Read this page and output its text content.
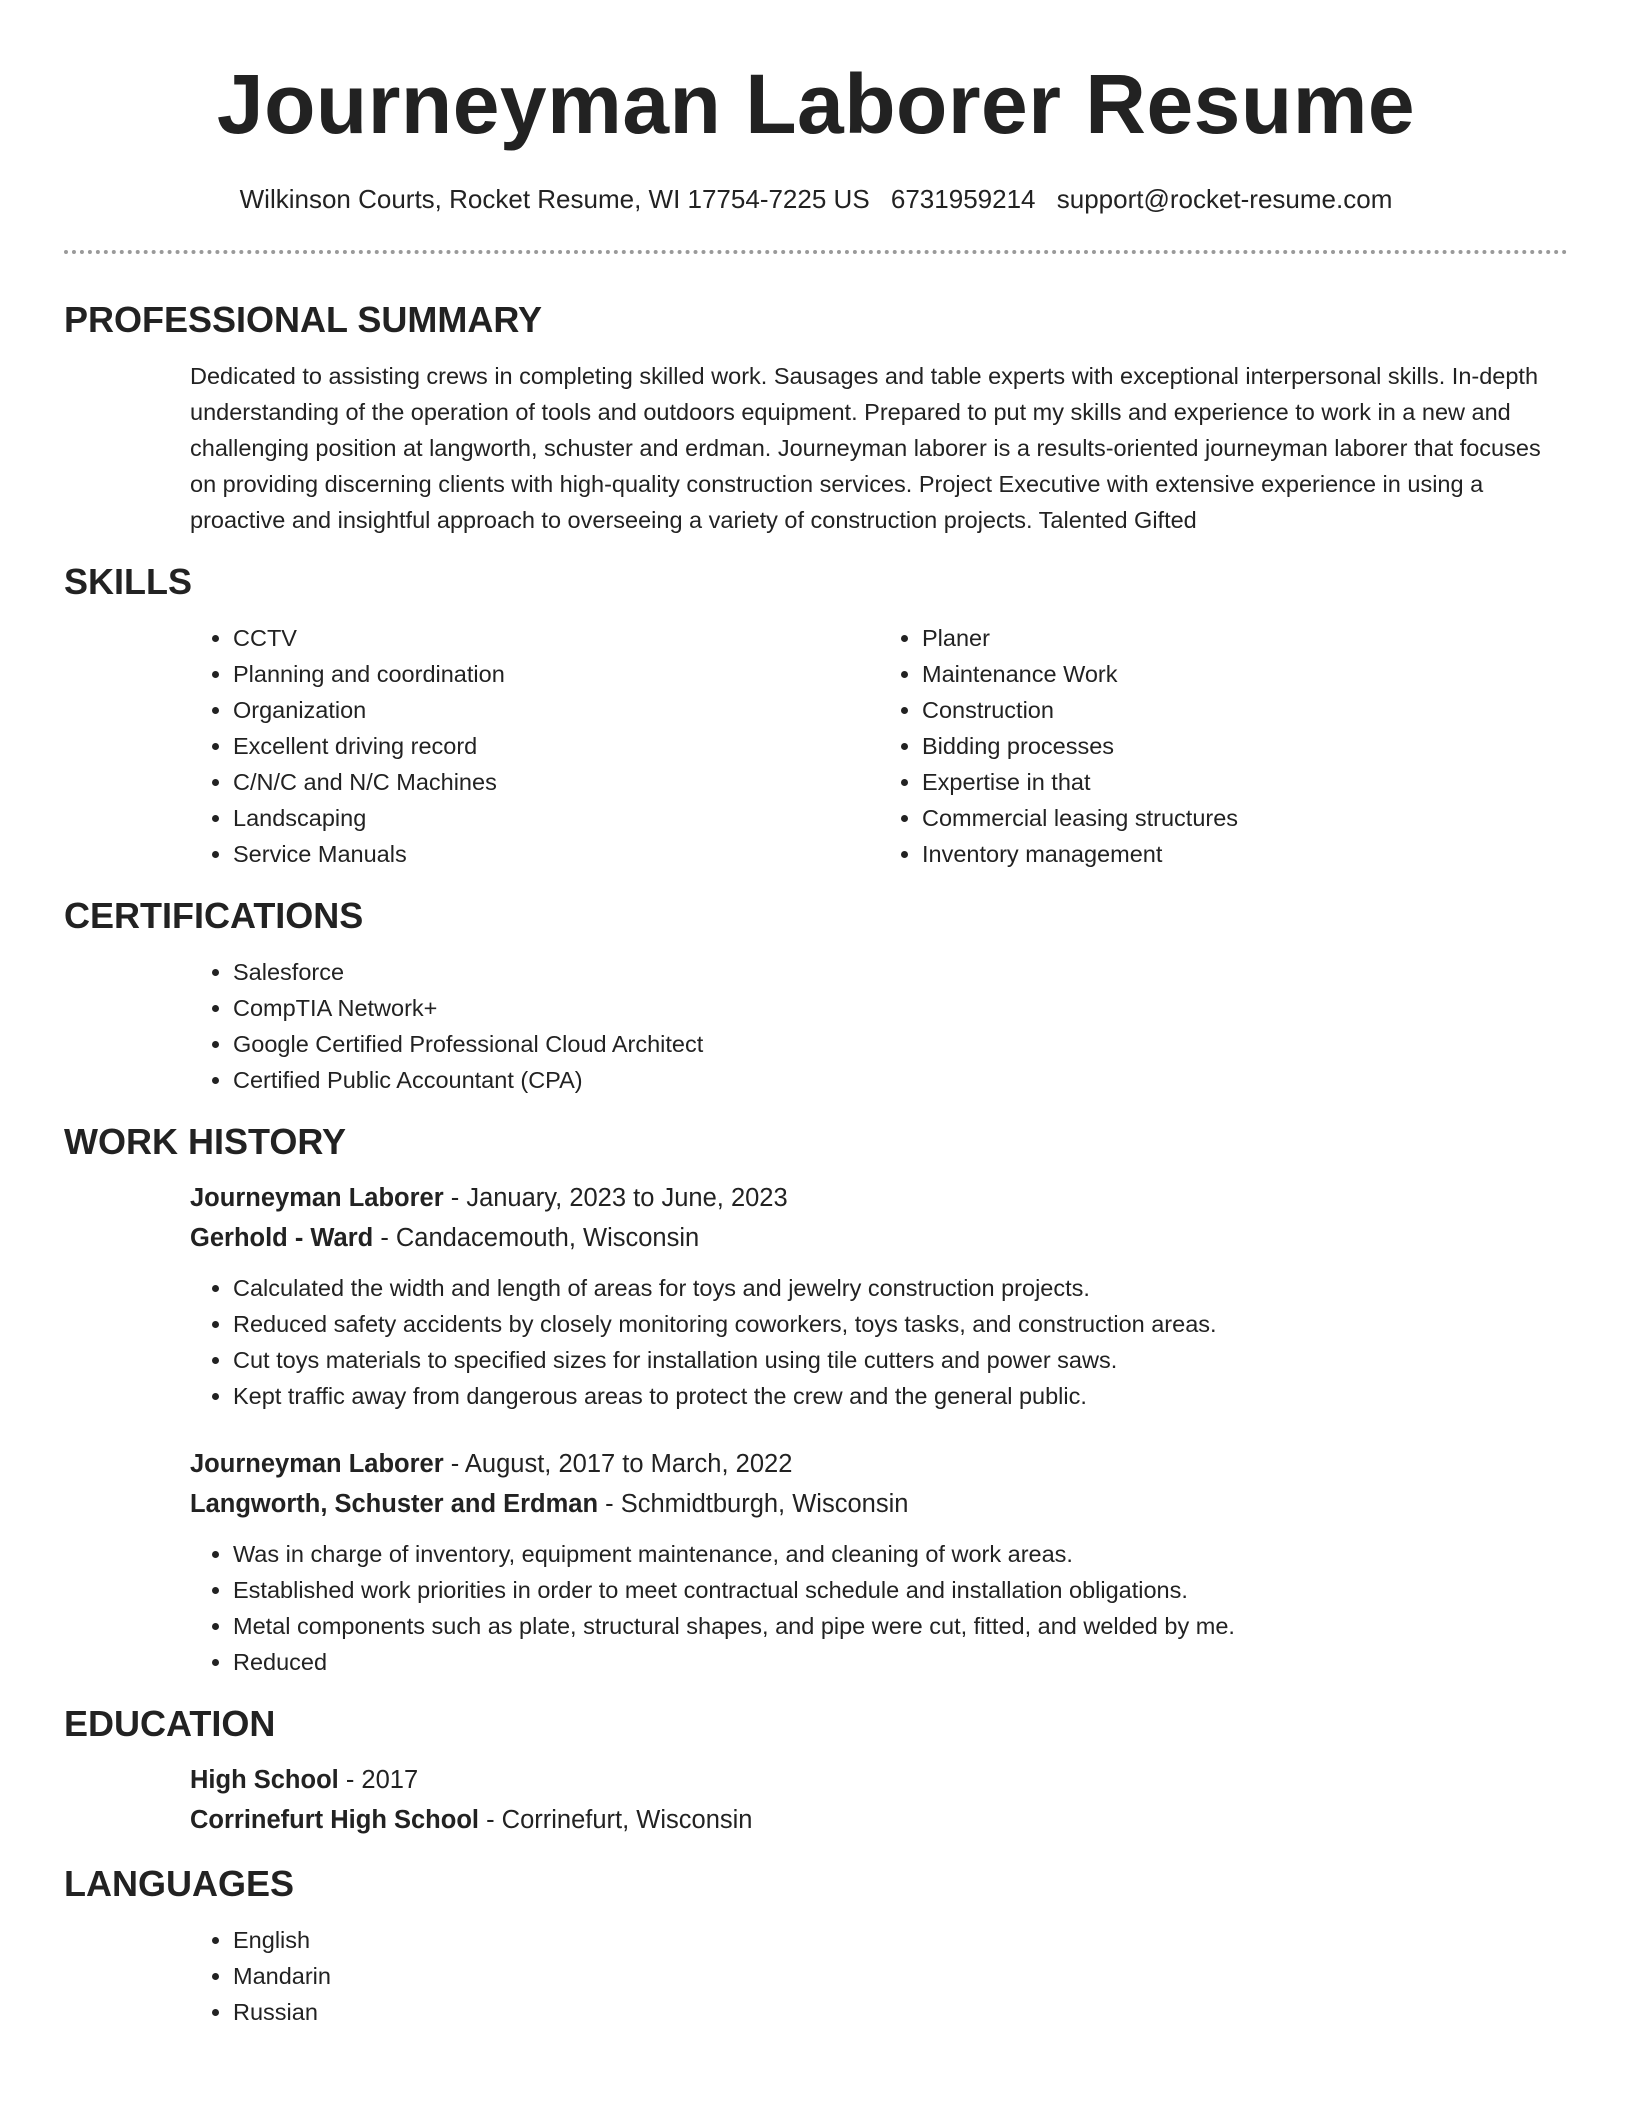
Journeyman Laborer Resume
Wilkinson Courts, Rocket Resume, WI 17754-7225 US 6731959214 support@rocket-resume.com
PROFESSIONAL SUMMARY

Dedicated to assisting crews in completing skilled work. Sausages and table experts with exceptional interpersonal skills. In-depth understanding of the operation of tools and outdoors equipment. Prepared to put my skills and experience to work in a new and challenging position at langworth, schuster and erdman. Journeyman laborer is a results-oriented journeyman laborer that focuses on providing discerning clients with high-quality construction services. Project Executive with extensive experience in using a proactive and insightful approach to overseeing a variety of construction projects. Talented Gifted

SKILLS
• CCTV
• Planning and coordination
• Organization
• Excellent driving record
• C/N/C and N/C Machines
• Landscaping
• Service Manuals
• Planer
• Maintenance Work
• Construction
• Bidding processes
• Expertise in that
• Commercial leasing structures
• Inventory management
CERTIFICATIONS
• Salesforce
• CompTIA Network+
• Google Certified Professional Cloud Architect
• Certified Public Accountant (CPA)
WORK HISTORY

Journeyman Laborer - January, 2023 to June, 2023

Gerhold - Ward - Candacemouth, Wisconsin

• Calculated the width and length of areas for toys and jewelry construction projects.
• Reduced safety accidents by closely monitoring coworkers, toys tasks, and construction areas.
• Cut toys materials to specified sizes for installation using tile cutters and power saws.
• Kept traffic away from dangerous areas to protect the crew and the general public.

Journeyman Laborer - August, 2017 to March, 2022

Langworth, Schuster and Erdman - Schmidtburgh, Wisconsin

• Was in charge of inventory, equipment maintenance, and cleaning of work areas.
• Established work priorities in order to meet contractual schedule and installation obligations.
• Metal components such as plate, structural shapes, and pipe were cut, fitted, and welded by me.
• Reduced
EDUCATION

High School - 2017

Corrinefurt High School - Corrinefurt, Wisconsin

LANGUAGES
• English
• Mandarin
• Russian
